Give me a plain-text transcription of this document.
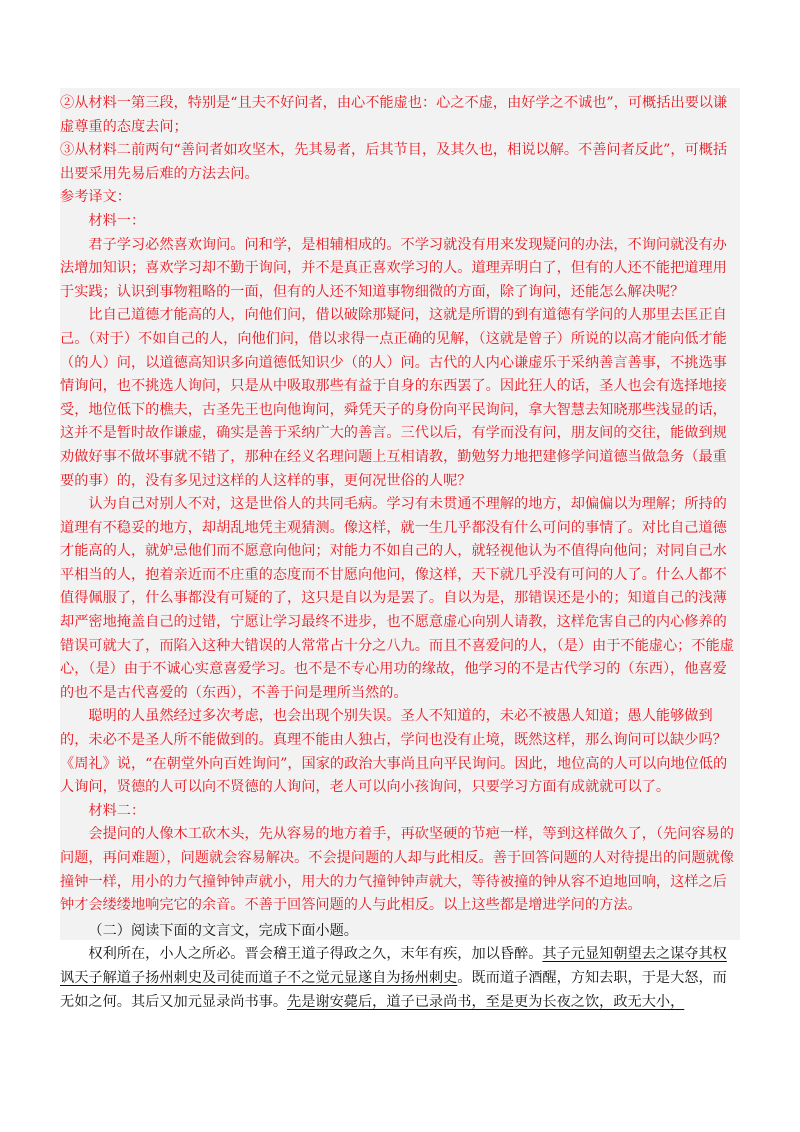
②从材料一第三段，特别是“且夫不好问者，由心不能虚也：心之不虚，由好学之不诚也”，可概括出要以谦虚尊重的态度去问；

③从材料二前两句“善问者如攻坚木，先其易者，后其节目，及其久也，相说以解。不善问者反此”，可概括出要采用先易后难的方法去问。

参考译文：

材料一：

君子学习必然喜欢询问。问和学，是相辅相成的。不学习就没有用来发现疑问的办法，不询问就没有办法增加知识；喜欢学习却不勤于询问，并不是真正喜欢学习的人。道理弄明白了，但有的人还不能把道理用于实践；认识到事物粗略的一面，但有的人还不知道事物细微的方面，除了询问，还能怎么解决呢？

比自己道德才能高的人，向他们问，借以破除那疑问，这就是所谓的到有道德有学问的人那里去匡正自己。（对于）不如自己的人，向他们问，借以求得一点正确的见解，（这就是曾子）所说的以高才能向低才能（的人）问，以道德高知识多向道德低知识少（的人）问。古代的人内心谦虚乐于采纳善言善事，不挑选事情询问，也不挑选人询问，只是从中吸取那些有益于自身的东西罢了。因此狂人的话，圣人也会有选择地接受，地位低下的樵夫，古圣先王也向他询问，舜凭天子的身份向平民询问，拿大智慧去知晓那些浅显的话，这并不是暂时故作谦虚，确实是善于采纳广大的善言。三代以后，有学而没有问，朋友间的交往，能做到规劝做好事不做坏事就不错了，那种在经义名理问题上互相请教，勤勉努力地把建修学问道德当做急务（最重要的事）的，没有多见过这样的人这样的事，更何况世俗的人呢？

认为自己对别人不对，这是世俗人的共同毛病。学习有未贯通不理解的地方，却偏偏以为理解；所持的道理有不稳妥的地方，却胡乱地凭主观猜测。像这样，就一生几乎都没有什么可问的事情了。对比自己道德才能高的人，就妒忌他们而不愿意向他问；对能力不如自己的人，就轻视他认为不值得向他问；对同自己水平相当的人，抱着亲近而不庄重的态度而不甘愿向他问，像这样，天下就几乎没有可问的人了。什么人都不值得佩服了，什么事都没有可疑的了，这只是自以为是罢了。自以为是，那错误还是小的；知道自己的浅薄却严密地掩盖自己的过错，宁愿让学习最终不进步，也不愿意虚心向别人请教，这样危害自己的内心修养的错误可就大了，而陷入这种大错误的人常常占十分之八九。而且不喜爱问的人，（是）由于不能虚心；不能虚心，（是）由于不诚心实意喜爱学习。也不是不专心用功的缘故，他学习的不是古代学习的（东西），他喜爱的也不是古代喜爱的（东西），不善于问是理所当然的。

聪明的人虽然经过多次考虑，也会出现个别失误。圣人不知道的，未必不被愚人知道；愚人能够做到的，未必不是圣人所不能做到的。真理不能由人独占，学问也没有止境，既然这样，那么询问可以缺少吗？《周礼》说，“在朝堂外向百姓询问”，国家的政治大事尚且向平民询问。因此，地位高的人可以向地位低的人询问，贤德的人可以向不贤德的人询问，老人可以向小孩询问，只要学习方面有成就就可以了。

材料二：

会提问的人像木工砍木头，先从容易的地方着手，再砍坚硬的节疤一样，等到这样做久了，（先问容易的问题，再问难题），问题就会容易解决。不会提问题的人却与此相反。善于回答问题的人对待提出的问题就像撞钟一样，用小的力气撞钟钟声就小，用大的力气撞钟钟声就大，等待被撞的钟从容不迫地回响，这样之后钟才会缕缕地响完它的余音。不善于回答问题的人与此相反。以上这些都是增进学问的方法。

（二）阅读下面的文言文，完成下面小题。

权利所在，小人之所必。晋会稽王道子得政之久，末年有疾，加以昏醉。其子元显知朝望去之谋夺其权讽天子解道子扬州刺史及司徒而道子不之觉元显遂自为扬州刺史。既而道子酒醒，方知去职，于是大怒，而无如之何。其后又加元显录尚书事。先是谢安薨后，道子已录尚书，至是更为长夜之饮，政无大小，
